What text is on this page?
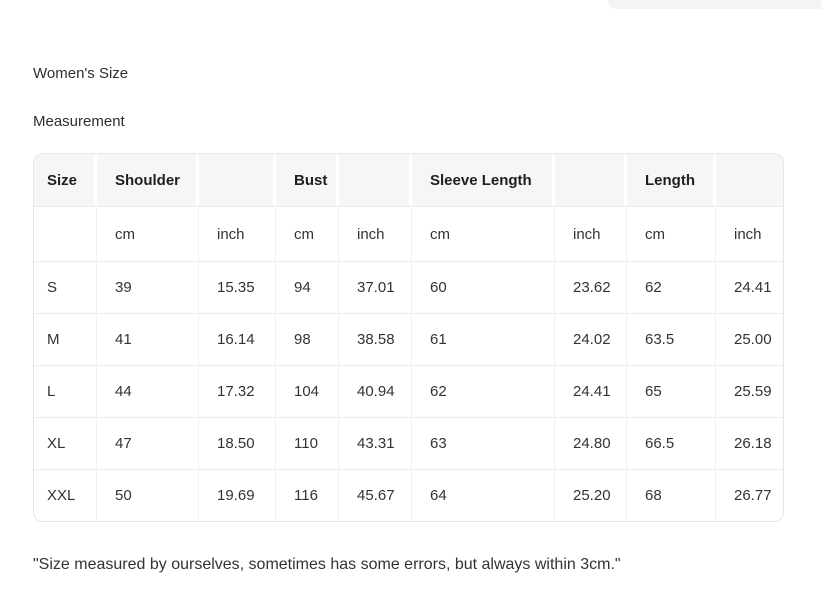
Women's Size
Measurement
Size	Shoulder		Bust		Sleeve Length		Length	
	cm	inch	cm	inch	cm	inch	cm	inch
S	39	15.35	94	37.01	60	23.62	62	24.41
M	41	16.14	98	38.58	61	24.02	63.5	25.00
L	44	17.32	104	40.94	62	24.41	65	25.59
XL	47	18.50	110	43.31	63	24.80	66.5	26.18
XXL	50	19.69	116	45.67	64	25.20	68	26.77
"Size measured by ourselves, sometimes has some errors, but always within 3cm."
